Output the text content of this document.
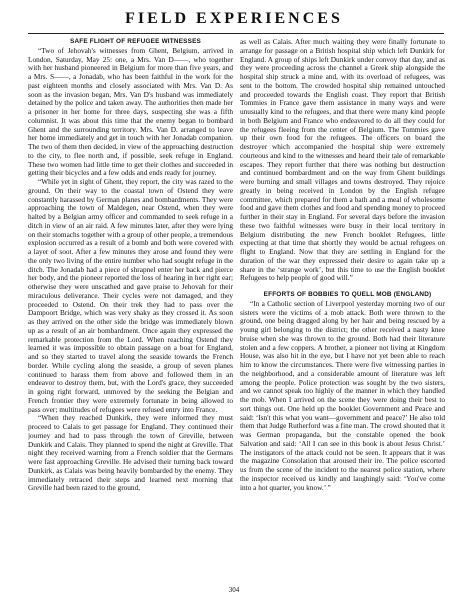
FIELD EXPERIENCES

SAFE FLIGHT OF REFUGEE WITNESSES

“Two of Jehovah's witnesses from Ghent, Belgium, arrived in London, Saturday, May 25: one, a Mrs. Van D——, who together with her husband pioneered in Belgium for more than five years, and a Mrs. S——, a Jonadab, who has been faithful in the work for the past eighteen months and closely associated with Mrs. Van D. As soon as the invasion began, Mrs. Van D's husband was immediately detained by the police and taken away. The authorities then made her a prisoner in her home for three days, suspecting she was a fifth columnist. It was about this time that the enemy began to bombard Ghent and the surrounding territory. Mrs. Van D. arranged to leave her home immediately and get in touch with her Jonadab companion. The two of them then decided, in view of the approaching destruction to the city, to flee north and, if possible, seek refuge in England. These two women had little time to get their clothes and succeeded in getting their bicycles and a few odds and ends ready for journey.

“While yet in sight of Ghent, they report, the city was razed to the ground. On their way to the coastal town of Ostend they were constantly harassed by German planes and bombardments. They were approaching the town of Maldegen, near Ostend, when they were halted by a Belgian army officer and commanded to seek refuge in a ditch in view of an air raid. A few minutes later, after they were lying on their stomachs together with a group of other people, a tremendous explosion occurred as a result of a bomb and both were covered with a layer of soot. After a few minutes they arose and found they were the only two living of the entire number who had sought refuge in the ditch. The Jonadab had a piece of shrapnel enter her back and pierce her body, and the pioneer reported the loss of hearing in her right ear; otherwise they were unscathed and gave praise to Jehovah for their miraculous deliverance. Their cycles were not damaged, and they proceeded to Ostend. On their trek they had to pass over the Dampoort Bridge, which was very shaky as they crossed it. As soon as they arrived on the other side the bridge was immediately blown up as a result of an air bombardment. Once again they expressed the remarkable protection from the Lord. When reaching Ostend they learned it was impossible to obtain passage on a boat for England, and so they started to travel along the seaside towards the French border. While cycling along the seaside, a group of seven planes continued to harass them from above and followed them in an endeavor to destroy them, but, with the Lord's grace, they succeeded in going right forward, unmoved by the seeking the Belgian and French frontier they were extremely fortunate in being allowed to pass over; multitudes of refugees were refused entry into France.

“When they reached Dunkirk, they were informed they must proceed to Calais to get passage for England. They continued their journey and had to pass through the town of Greville, between Dunkirk and Calais. They planned to spend the night at Greville. That night they received warning from a French soldier that the Germans were fast approaching Greville. He advised their turning back toward Dunkirk, as Calais was being heavily bombarded by the enemy. They immediately retraced their steps and learned next morning that Greville had been razed to the ground,

as well as Calais. After much waiting they were finally fortunate to arrange for passage on a British hospital ship which left Dunkirk for England. A group of ships left Dunkirk under convoy that day, and as they were proceeding across the channel a Greek ship alongside the hospital ship struck a mine and, with its overload of refugees, was sent to the bottom. The crowded hospital ship remained untouched and proceeded towards the English coast. They report that British Tommies in France gave them assistance in many ways and were unusually kind to the refugees, and that there were many kind people in both Belgium and France who endeavored to do all they could for the refugees fleeing from the center of Belgium. The Tommies gave up their own food for the refugees. The officers on board the destroyer which accompanied the hospital ship were extremely courteous and kind to the witnesses and heard their tale of remarkable escapes. They report further that there was nothing but destruction and continued bombardment and on the way from Ghent buildings were burning and small villages and towns destroyed. They rejoice greatly in being received in London by the English refugee committee, which prepared for them a bath and a meal of wholesome food and gave them clothes and food and spending money to proceed further in their stay in England. For several days before the invasion these two faithful witnesses were busy in their local territory in Belgium distributing the new French booklet Refugees, little expecting at that time that shortly they would be actual refugees on flight to England. Now that they are settling in England for the duration of the war they expressed their desire to again take up a share in the ‘strange work’, but this time to use the English booklet Refugees to help people of good will.”

EFFORTS OF BOBBIES TO QUELL MOB (ENGLAND)

“In a Catholic section of Liverpool yesterday morning two of our sisters were the victims of a mob attack. Both were thrown to the ground, one being dragged along by her hair and being rescued by a young girl belonging to the district; the other received a nasty knee bruise when she was thrown to the ground. Both had their literature stolen and a few coppers. A brother, a pioneer not living at Kingdom House, was also hit in the eye, but I have not yet been able to reach him to know the circumstances. There were five witnessing parties in the neighborhood, and a considerable amount of literature was left among the people. Police protection was sought by the two sisters, and we cannot speak too highly of the manner in which they handled the mob. When I arrived on the scene they were doing their best to sort things out. One held up the booklet Government and Peace and said: ‘Isn't this what you want—government and peace?’ He also told them that Judge Rutherford was a fine man. The crowd shouted that it was German propaganda, but the constable opened the book Salvation and said: ‘All I can see in this book is about Jesus Christ.’ The instigators of the attack could not be seen. It appears that it was the magazine Consolation that aroused their ire. The police escorted us from the scene of the incident to the nearest police station, where the inspector received us kindly and laughingly said: ‘You've come into a hot quarter, you know.’ ”

304
